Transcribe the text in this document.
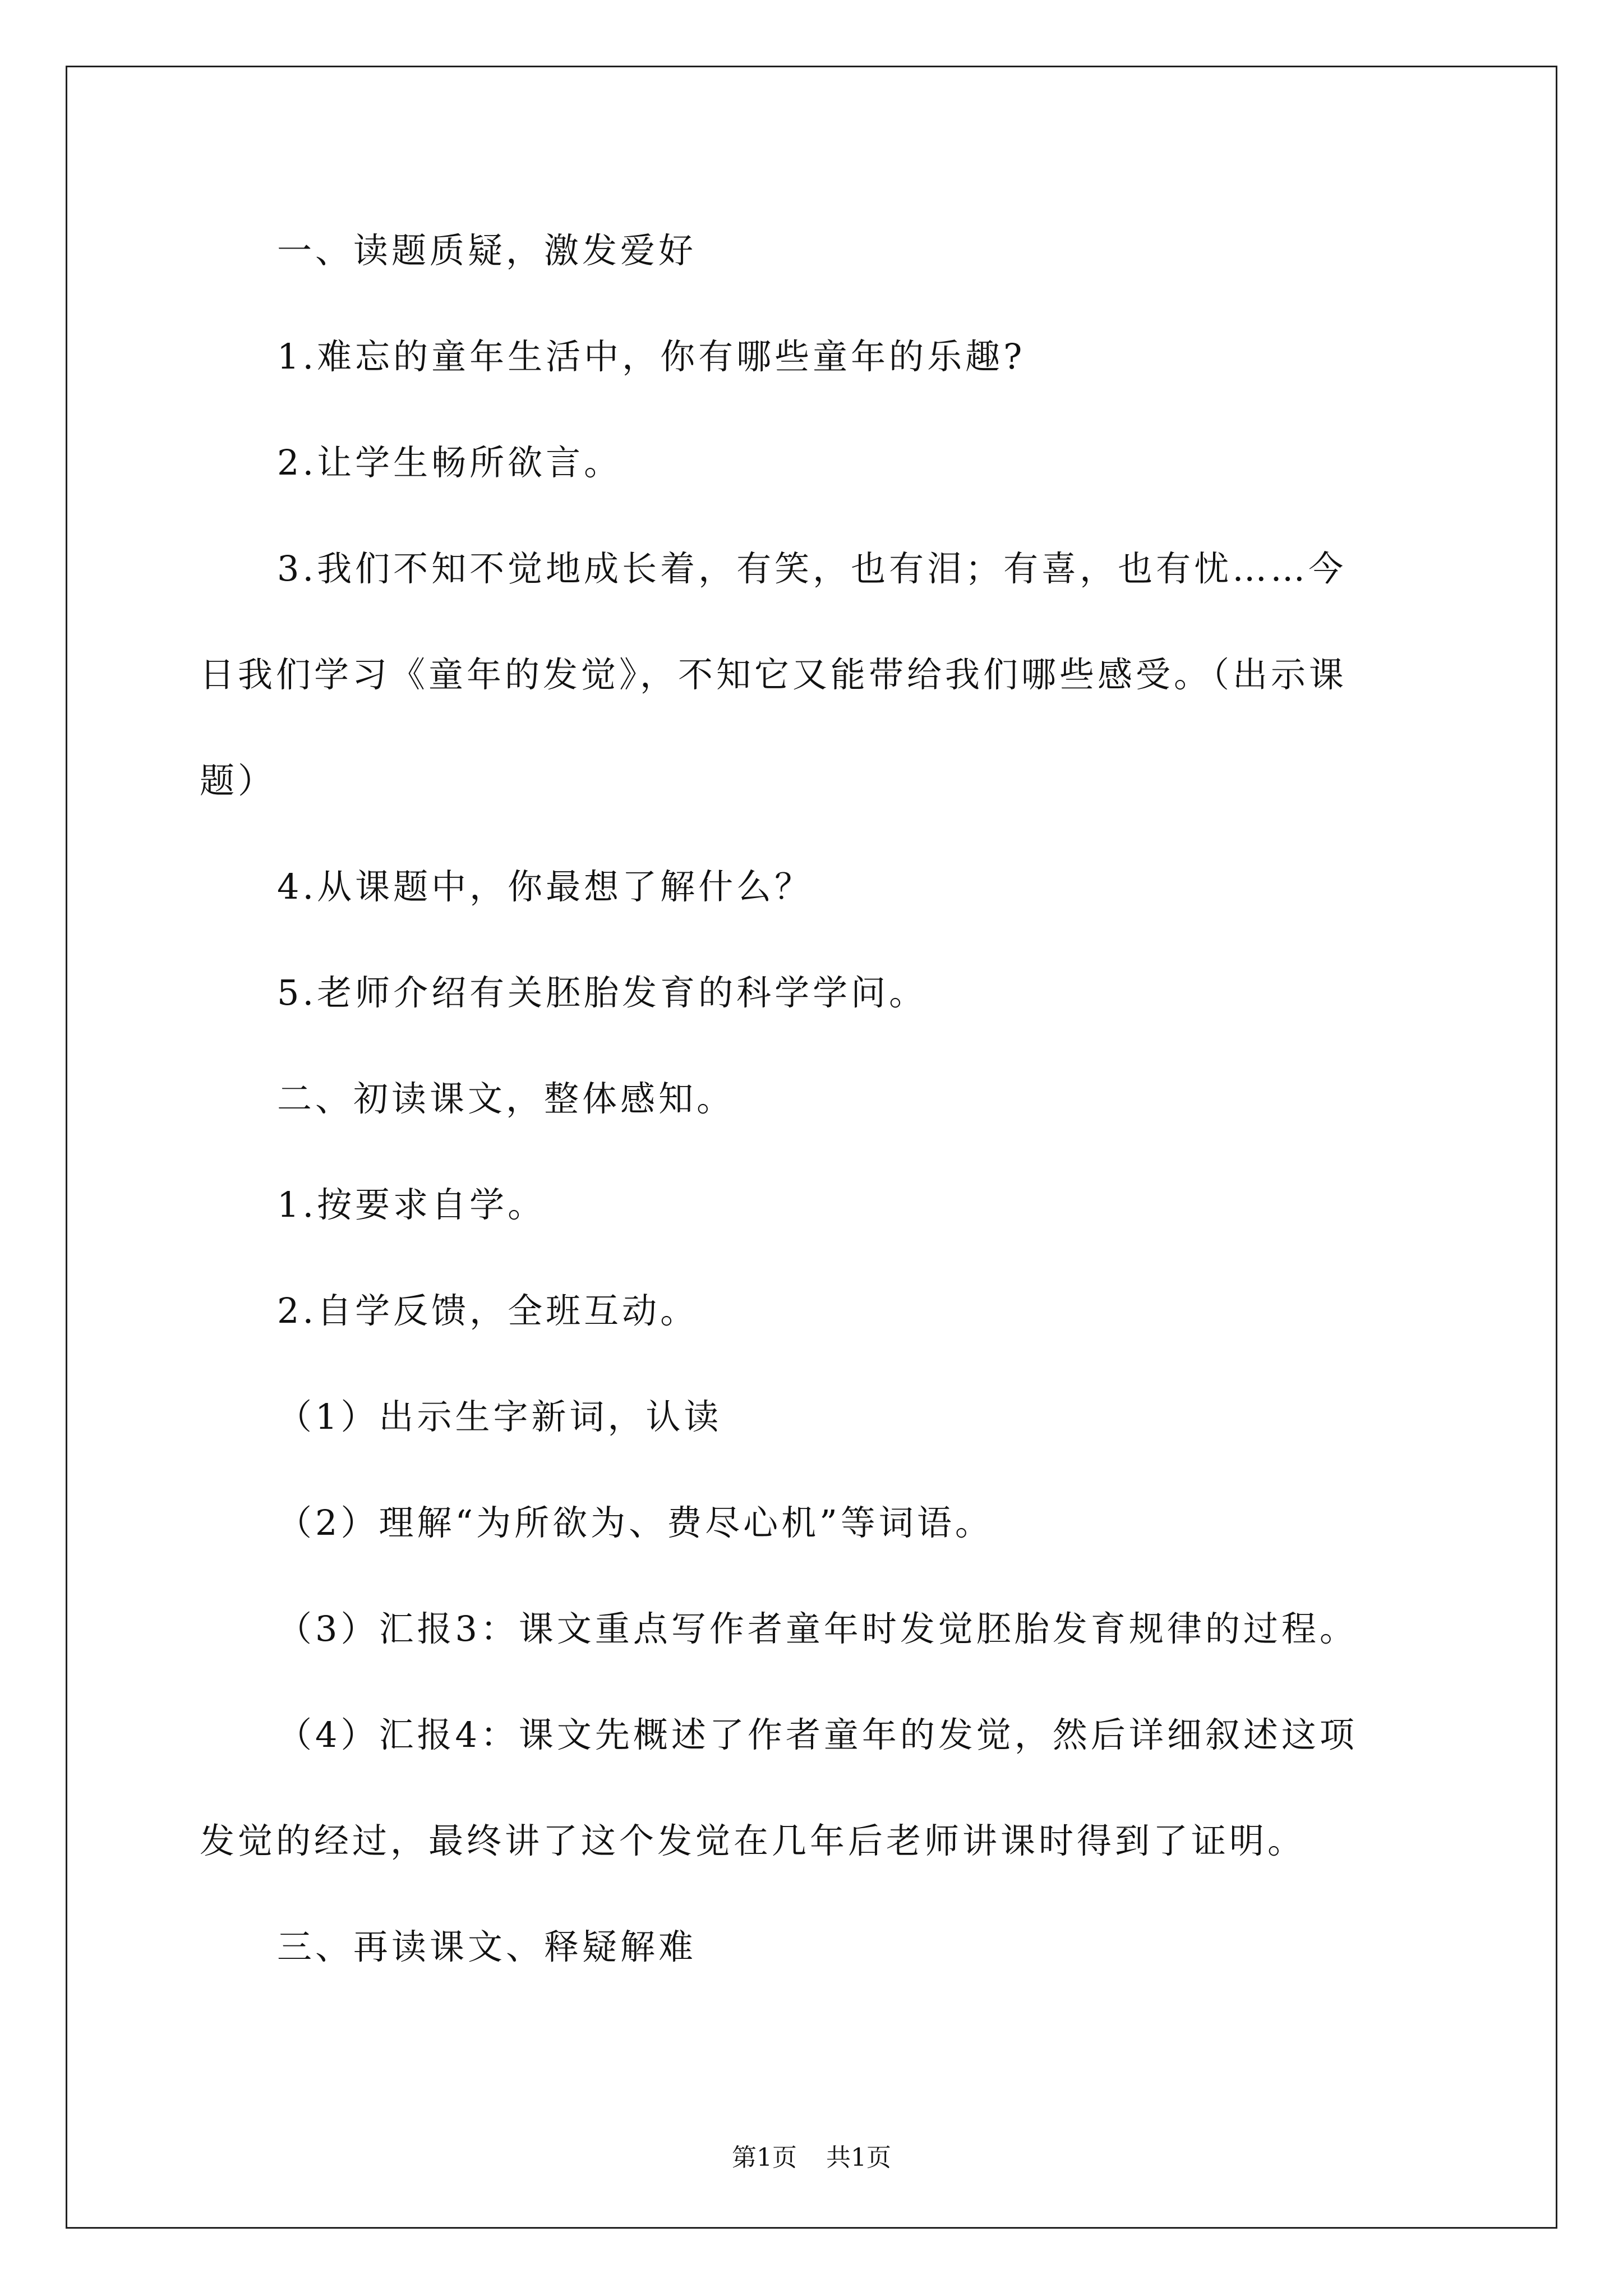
一、读题质疑，激发爱好
1.难忘的童年生活中，你有哪些童年的乐趣?
2.让学生畅所欲言。
3.我们不知不觉地成长着，有笑，也有泪；有喜，也有忧……今
日我们学习《童年的发觉》，不知它又能带给我们哪些感受。（出示课
题）
4.从课题中，你最想了解什么？
5.老师介绍有关胚胎发育的科学学问。
二、初读课文，整体感知。
1.按要求自学。
2.自学反馈，全班互动。
（1）出示生字新词，认读
（2）理解“为所欲为、费尽心机”等词语。
（3）汇报3：课文重点写作者童年时发觉胚胎发育规律的过程。
（4）汇报4：课文先概述了作者童年的发觉，然后详细叙述这项
发觉的经过，最终讲了这个发觉在几年后老师讲课时得到了证明。
三、再读课文、释疑解难
第1页 共1页
